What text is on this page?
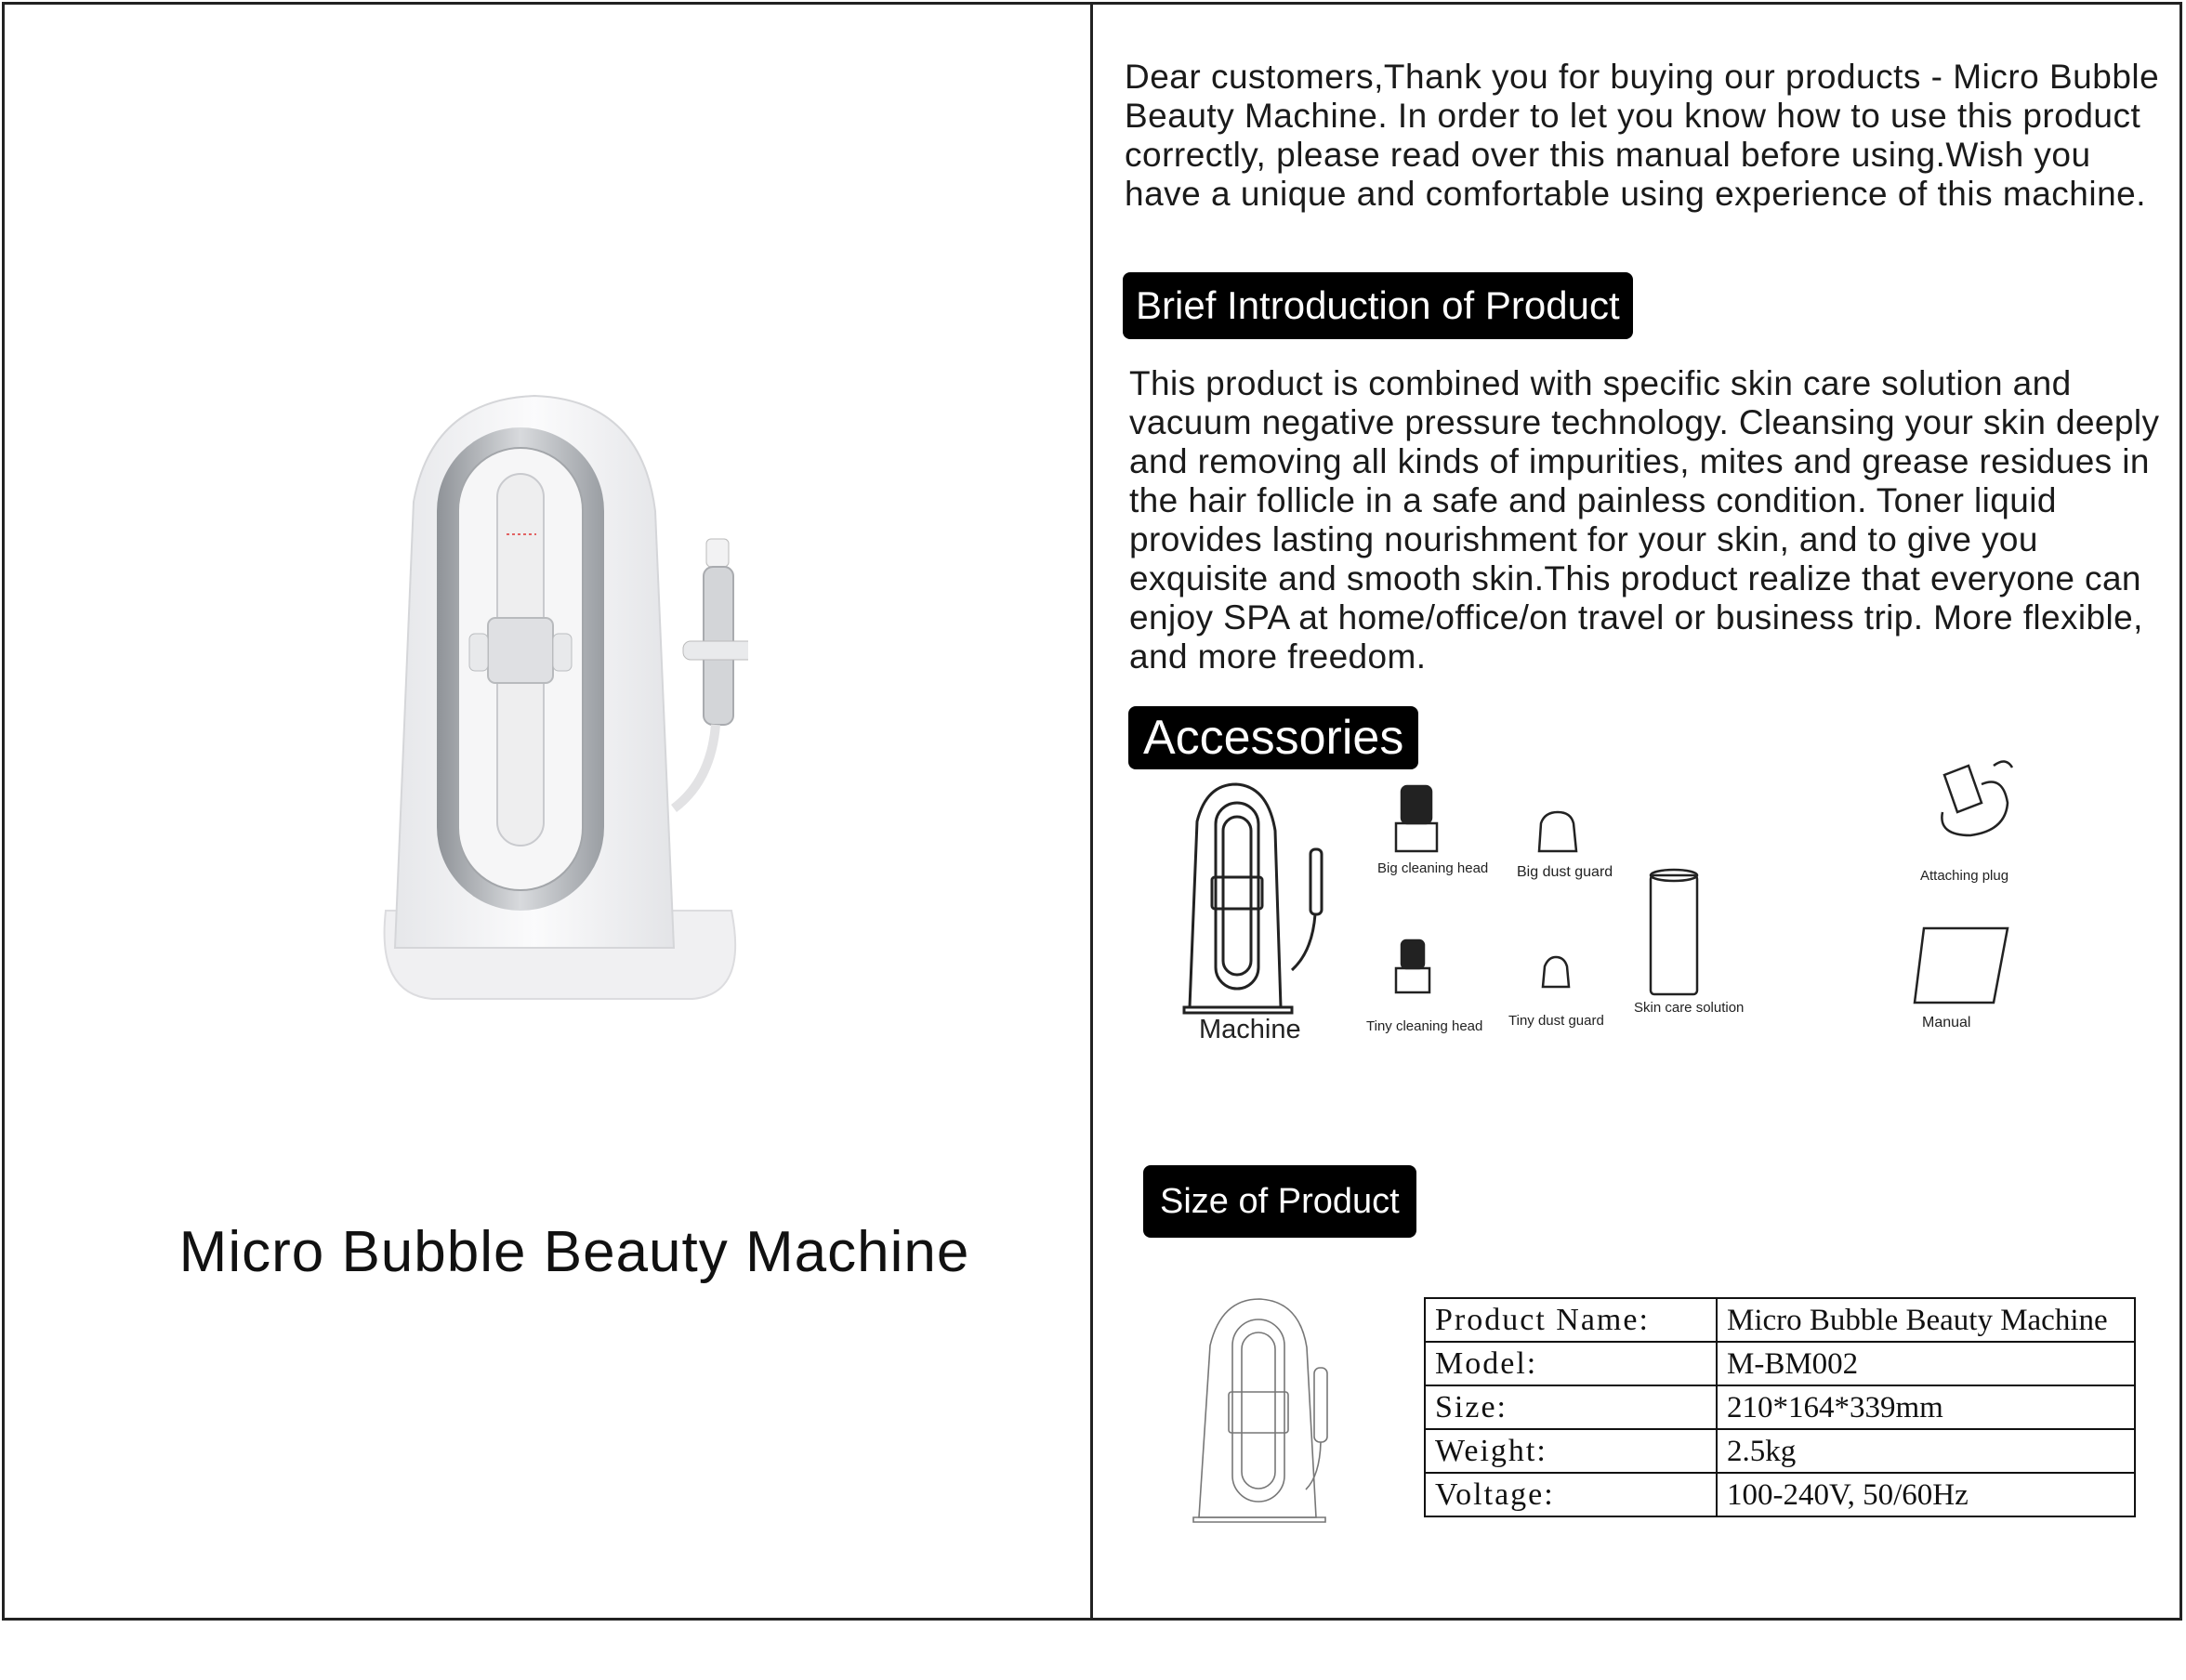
Micro Bubble Beauty Machine
Dear customers,Thank you for buying our products - Micro Bubble Beauty Machine. In order to let you know how to use this product correctly, please read over this manual before using.Wish you have a unique and comfortable using experience of this machine.
Brief Introduction of Product
This product is combined with specific skin care solution and vacuum negative pressure technology. Cleansing your skin deeply and removing all kinds of impurities, mites and grease residues in the hair follicle in a safe and painless condition. Toner liquid provides lasting nourishment for your skin, and to give you exquisite and smooth skin.This product realize that everyone can enjoy SPA at home/office/on travel or business trip. More flexible, and more freedom.
Accessories
Machine
Big cleaning head Big dust guard	Attaching plug
Tiny cleaning head Tiny dust guard
Skin care solution
Manual
Size of Product
Product Name:	Micro Bubble Beauty Machine
Model:	M-BM002
Size:	210*164*339mm
Weight:	2.5kg
Voltage:	100-240V, 50/60Hz
